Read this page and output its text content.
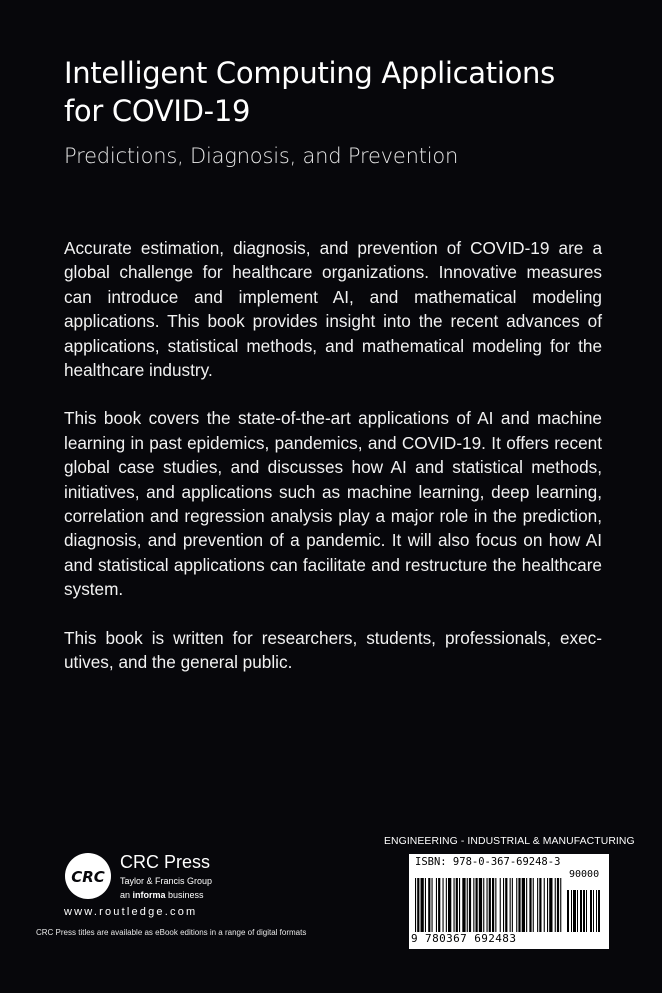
Intelligent Computing Applications
for COVID-19
Predictions, Diagnosis, and Prevention

Accurate estimation, diagnosis, and prevention of COVID-19 are a global challenge for healthcare organizations. Innovative measures can introduce and implement AI, and mathematical modeling applications. This book provides insight into the recent advances of applications, statistical methods, and mathematical modeling for the healthcare industry.

This book covers the state-of-the-art applications of AI and machine learning in past epidemics, pandemics, and COVID-19. It offers recent global case studies, and discusses how AI and statistical methods, initiatives, and applications such as machine learning, deep learning, correlation and regression analysis play a major role in the prediction, diagnosis, and prevention of a pandemic. It will also focus on how AI and statistical applications can facilitate and restructure the healthcare system.

This book is written for researchers, students, professionals, executives, and the general public.

CRC
CRC Press
Taylor & Francis Group
an informa business
www.routledge.com
CRC Press titles are available as eBook editions in a range of digital formats
ENGINEERING - INDUSTRIAL & MANUFACTURING
ISBN: 978-0-367-69248-3
90000
9 780367 692483
